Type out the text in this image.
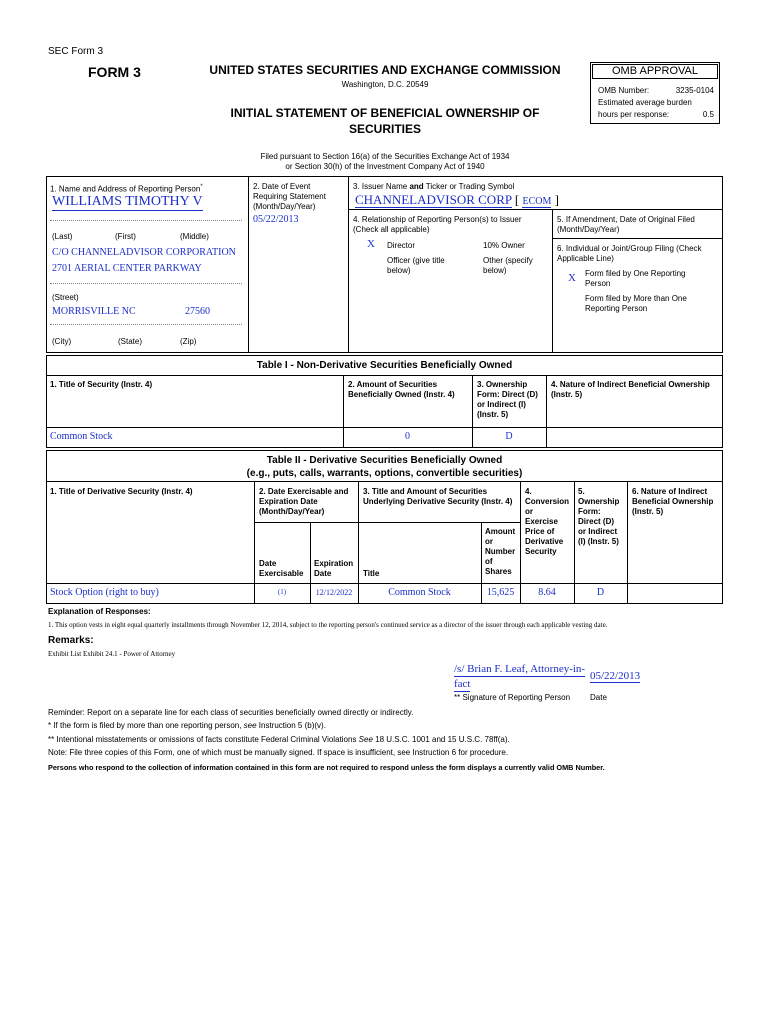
SEC Form 3
FORM 3	UNITED STATES SECURITIES AND EXCHANGE COMMISSION
Washington, D.C. 20549
INITIAL STATEMENT OF BENEFICIAL OWNERSHIP OF
SECURITIES
Filed pursuant to Section 16(a) of the Securities Exchange Act of 1934
or Section 30(h) of the Investment Company Act of 1940
OMB APPROVAL
OMB Number:	3235-0104
Estimated average burden
hours per response:	0.5
1. Name and Address of Reporting Person*
WILLIAMS TIMOTHY V
(Last)	(First)	(Middle)
C/O CHANNELADVISOR CORPORATION
2701 AERIAL CENTER PARKWAY
(Street)
MORRISVILLE NC	27560
(City)	(State)	(Zip)
2. Date of Event
Requiring Statement
(Month/Day/Year)
05/22/2013
3. Issuer Name and Ticker or Trading Symbol
CHANNELADVISOR CORP [ ECOM ]
4. Relationship of Reporting Person(s) to Issuer
(Check all applicable)
X Director	10% Owner
Officer (give title
below)
Other (specify
below)
5. If Amendment, Date of Original Filed
(Month/Day/Year)
6. Individual or Joint/Group Filing (Check
Applicable Line)
X Form filed by One Reporting
Person
Form filed by More than One
Reporting Person
Table I - Non-Derivative Securities Beneficially Owned
1. Title of Security (Instr. 4)	2. Amount of Securities
Beneficially Owned (Instr. 4)
3. Ownership
Form: Direct (D)
or Indirect (I)
(Instr. 5)
4. Nature of Indirect Beneficial Ownership
(Instr. 5)
Common Stock	0	D
Table II - Derivative Securities Beneficially Owned
(e.g., puts, calls, warrants, options, convertible securities)
1. Title of Derivative Security (Instr. 4)	2. Date Exercisable and
Expiration Date
(Month/Day/Year)
3. Title and Amount of Securities
Underlying Derivative Security (Instr. 4)
4.
Conversion
or
Exercise
Price of
Derivative
Security
5.
Ownership
Form:
Direct (D)
or Indirect
(I) (Instr. 5)
6. Nature of Indirect
Beneficial Ownership
(Instr. 5)
Date
Exercisable
Expiration
Date	Title
Amount
or
Number
of
Shares
Stock Option (right to buy)	(1)	12/12/2022	Common Stock	15,625	8.64	D
Explanation of Responses:
1. This option vests in eight equal quarterly installments through November 12, 2014, subject to the reporting person's continued service as a director of the issuer through each applicable vesting date.
Remarks:
Exhibit List Exhibit 24.1 - Power of Attorney
/s/ Brian F. Leaf, Attorney-in-
fact
05/22/2013
** Signature of Reporting Person Date
Reminder: Report on a separate line for each class of securities beneficially owned directly or indirectly.
* If the form is filed by more than one reporting person, see Instruction 5 (b)(v).
** Intentional misstatements or omissions of facts constitute Federal Criminal Violations See 18 U.S.C. 1001 and 15 U.S.C. 78ff(a).
Note: File three copies of this Form, one of which must be manually signed. If space is insufficient, see Instruction 6 for procedure.
Persons who respond to the collection of information contained in this form are not required to respond unless the form displays a currently valid OMB Number.
